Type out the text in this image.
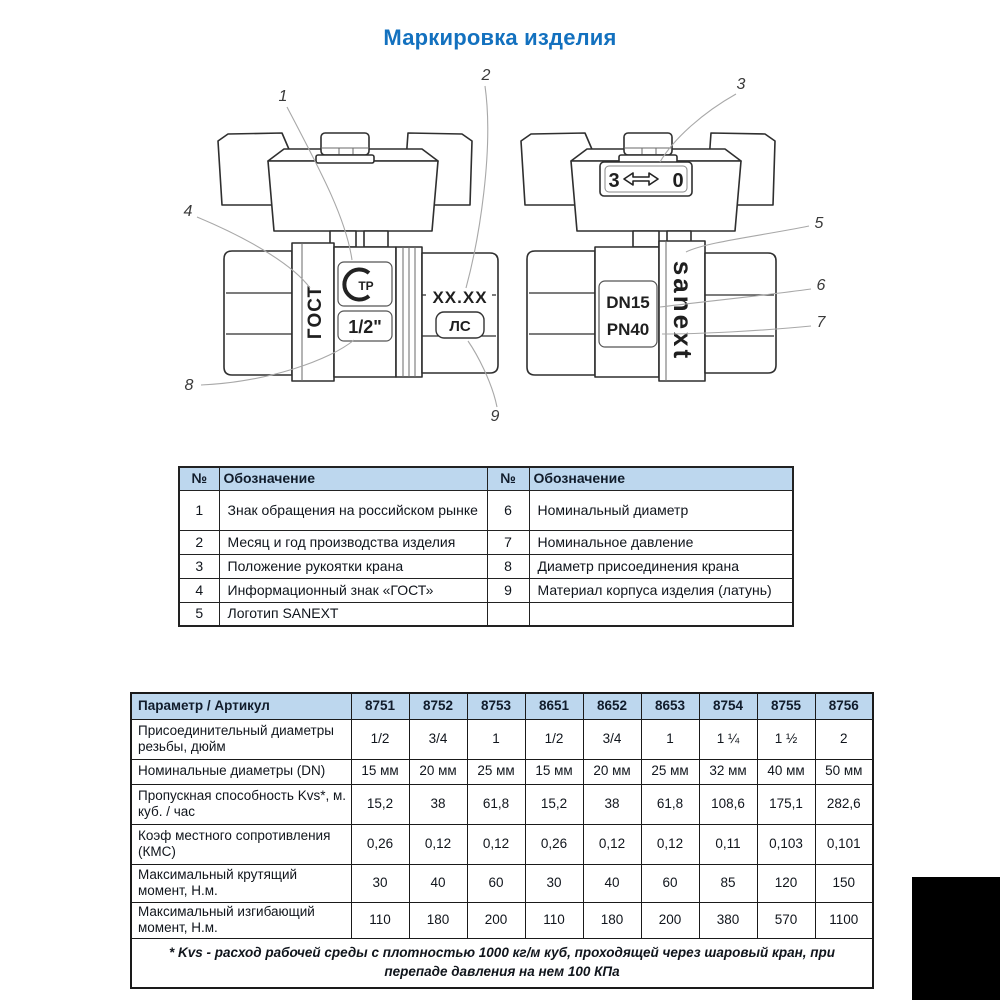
Маркировка изделия
ГОСТ	ТР
1/2"
XX.XX
ЛС
3	0
DN15
PN40 sanext
1
2
3
4
5
6
7
8
9
№	Обозначение	№	Обозначение
1	Знак обращения на российском рынке	6	Номинальный диаметр
2	Месяц и год производства изделия	7	Номинальное давление
3	Положение рукоятки крана	8	Диаметр присоединения крана
4	Информационный знак «ГОСТ»	9	Материал корпуса изделия (латунь)
5	Логотип SANEXT		
Параметр / Артикул	8751	8752	8753	8651	8652	8653	8754	8755	8756
Присоединительный диаметры резьбы, дюйм	1/2	3/4	1	1/2	3/4	1	1 ¼	1 ½	2
Номинальные диаметры (DN)	15 мм	20 мм	25 мм	15 мм	20 мм	25 мм	32 мм	40 мм	50 мм
Пропускная способность Kvs*, м. куб. / час	15,2	38	61,8	15,2	38	61,8	108,6	175,1	282,6
Коэф местного сопротивления (КМС)	0,26	0,12	0,12	0,26	0,12	0,12	0,11	0,103	0,101
Максимальный крутящий момент, Н.м.	30	40	60	30	40	60	85	120	150
Максимальный изгибающий момент, Н.м.	110	180	200	110	180	200	380	570	1100
* Kvs - расход рабочей среды с плотностью 1000 кг/м куб, проходящей через шаровый кран, при перепаде давления на нем 100 КПа									
